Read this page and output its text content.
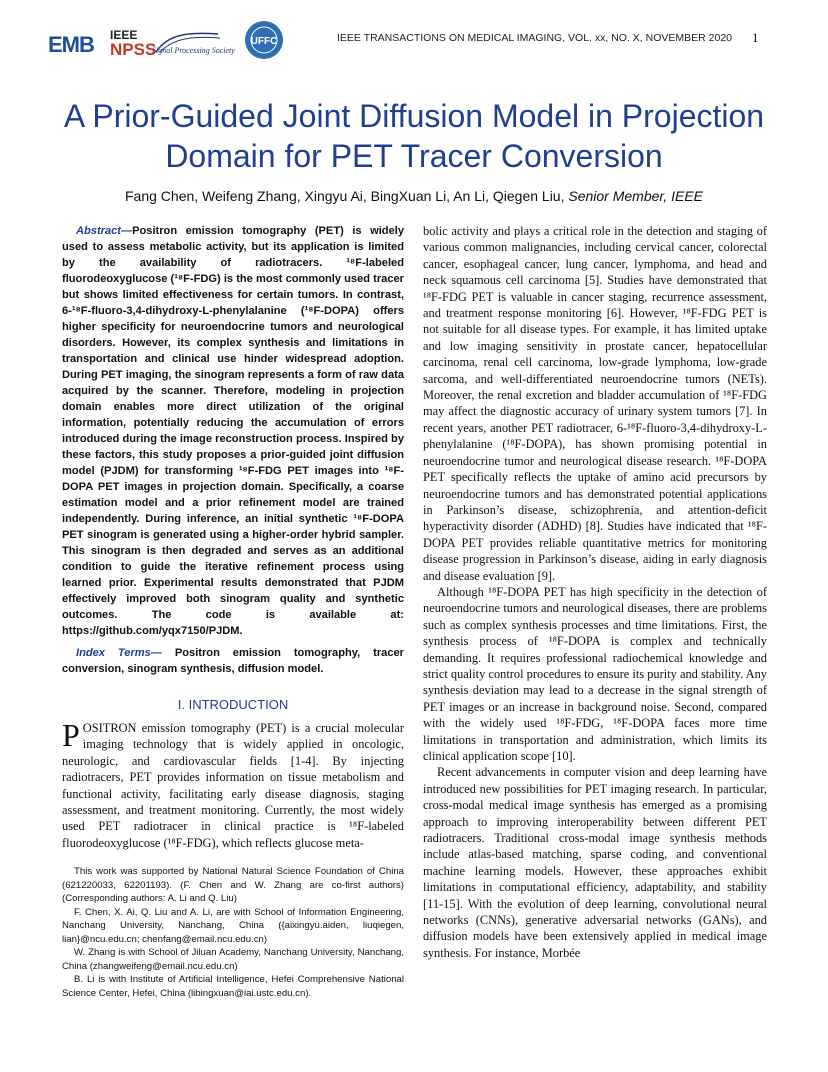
EMB IEEE
NPSS
Signal Processing Society
UFFC	IEEE TRANSACTIONS ON MEDICAL IMAGING, VOL. xx, NO. X, NOVEMBER 2020 1
A Prior-Guided Joint Diffusion Model in Projection Domain for PET Tracer Conversion
Fang Chen, Weifeng Zhang, Xingyu Ai, BingXuan Li, An Li, Qiegen Liu, Senior Member, IEEE

Abstract—Positron emission tomography (PET) is widely used to assess metabolic activity, but its application is limited by the availability of radiotracers. ¹⁸F-labeled fluorodeoxyglucose (¹⁸F-FDG) is the most commonly used tracer but shows limited effectiveness for certain tumors. In contrast, 6-¹⁸F-fluoro-3,4-dihydroxy-L-phenylalanine (¹⁸F-DOPA) offers higher specificity for neuroendocrine tumors and neurological disorders. However, its complex synthesis and limitations in transportation and clinical use hinder widespread adoption. During PET imaging, the sinogram represents a form of raw data acquired by the scanner. Therefore, modeling in projection domain enables more direct utilization of the original information, potentially reducing the accumulation of errors introduced during the image reconstruction process. Inspired by these factors, this study proposes a prior-guided joint diffusion model (PJDM) for transforming ¹⁸F-FDG PET images into ¹⁸F-DOPA PET images in projection domain. Specifically, a coarse estimation model and a prior refinement model are trained independently. During inference, an initial synthetic ¹⁸F-DOPA PET sinogram is generated using a higher-order hybrid sampler. This sinogram is then degraded and serves as an additional condition to guide the iterative refinement process using learned prior. Experimental results demonstrated that PJDM effectively improved both sinogram quality and synthetic outcomes. The code is available at: https://github.com/yqx7150/PJDM.

Index Terms— Positron emission tomography, tracer conversion, sinogram synthesis, diffusion model.

I. INTRODUCTION

POSITRON emission tomography (PET) is a crucial molecular imaging technology that is widely applied in oncologic, neurologic, and cardiovascular fields [1-4]. By injecting radiotracers, PET provides information on tissue metabolism and functional activity, facilitating early disease diagnosis, staging assessment, and treatment monitoring. Currently, the most widely used PET radiotracer in clinical practice is ¹⁸F-labeled fluorodeoxyglucose (¹⁸F-FDG), which reflects glucose meta-

This work was supported by National Natural Science Foundation of China (621220033, 62201193). (F. Chen and W. Zhang are co-first authors) (Corresponding authors: A. Li and Q. Liu)

F. Chen, X. Ai, Q. Liu and A. Li, are with School of Information Engineering, Nanchang University, Nanchang, China ({aixingyu.aiden, liuqiegen, lian}@ncu.edu.cn; chenfang@email.ncu.edu.cn)

W. Zhang is with School of Jiluan Academy, Nanchang University, Nanchang, China (zhangweifeng@email.ncu.edu.cn)

B. Li is with Institute of Artificial Intelligence, Hefei Comprehensive National Science Center, Hefei, China (libingxuan@iai.ustc.edu.cn).

bolic activity and plays a critical role in the detection and staging of various common malignancies, including cervical cancer, colorectal cancer, esophageal cancer, lung cancer, lymphoma, and head and neck squamous cell carcinoma [5]. Studies have demonstrated that ¹⁸F-FDG PET is valuable in cancer staging, recurrence assessment, and treatment response monitoring [6]. However, ¹⁸F-FDG PET is not suitable for all disease types. For example, it has limited uptake and low imaging sensitivity in prostate cancer, hepatocellular carcinoma, renal cell carcinoma, low-grade lymphoma, low-grade sarcoma, and well-differentiated neuroendocrine tumors (NETs). Moreover, the renal excretion and bladder accumulation of ¹⁸F-FDG may affect the diagnostic accuracy of urinary system tumors [7]. In recent years, another PET radiotracer, 6-¹⁸F-fluoro-3,4-dihydroxy-L-phenylalanine (¹⁸F-DOPA), has shown promising potential in neuroendocrine tumor and neurological disease research. ¹⁸F-DOPA PET specifically reflects the uptake of amino acid precursors by neuroendocrine tumors and has demonstrated potential applications in Parkinson’s disease, schizophrenia, and attention-deficit hyperactivity disorder (ADHD) [8]. Studies have indicated that ¹⁸F-DOPA PET provides reliable quantitative metrics for monitoring disease progression in Parkinson’s disease, aiding in early diagnosis and disease evaluation [9].

Although ¹⁸F-DOPA PET has high specificity in the detection of neuroendocrine tumors and neurological diseases, there are problems such as complex synthesis processes and time limitations. First, the synthesis process of ¹⁸F-DOPA is complex and technically demanding. It requires professional radiochemical knowledge and strict quality control procedures to ensure its purity and stability. Any synthesis deviation may lead to a decrease in the signal strength of PET images or an increase in background noise. Second, compared with the widely used ¹⁸F-FDG, ¹⁸F-DOPA faces more time limitations in transportation and administration, which limits its clinical application scope [10].

Recent advancements in computer vision and deep learning have introduced new possibilities for PET imaging research. In particular, cross-modal medical image synthesis has emerged as a promising approach to improving interoperability between different PET radiotracers. Traditional cross-modal image synthesis methods include atlas-based matching, sparse coding, and conventional machine learning models. However, these approaches exhibit limitations in computational efficiency, adaptability, and stability [11-15]. With the evolution of deep learning, convolutional neural networks (CNNs), generative adversarial networks (GANs), and diffusion models have been extensively applied in medical image synthesis. For instance, Morbée
